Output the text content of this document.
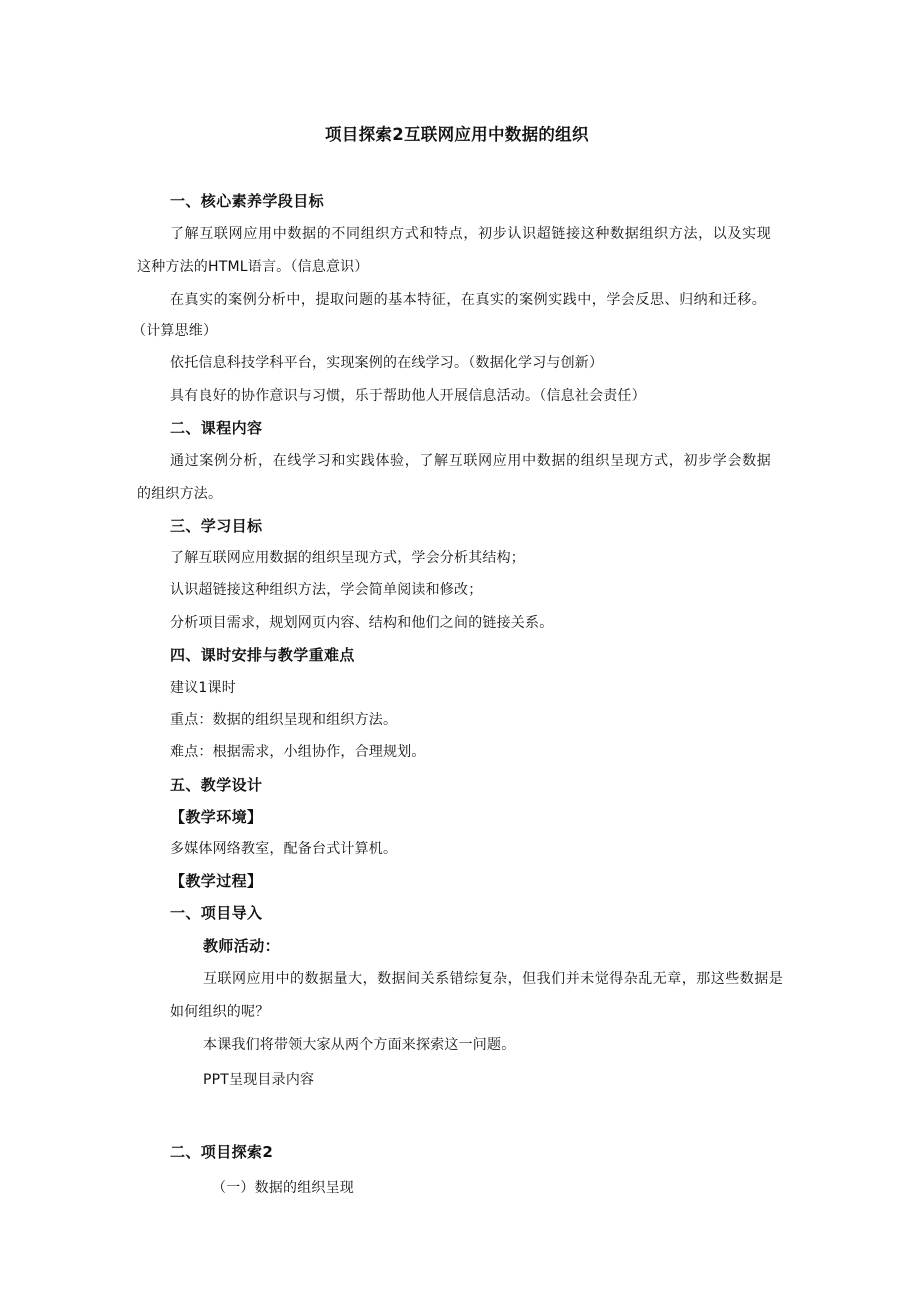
项目探索2互联网应用中数据的组织
一、核心素养学段目标
了解互联网应用中数据的不同组织方式和特点，初步认识超链接这种数据组织方法，以及实现
这种方法的HTML语言。（信息意识）
在真实的案例分析中，提取问题的基本特征，在真实的案例实践中，学会反思、归纳和迁移。
（计算思维）
依托信息科技学科平台，实现案例的在线学习。（数据化学习与创新）
具有良好的协作意识与习惯，乐于帮助他人开展信息活动。（信息社会责任）
二、课程内容
通过案例分析，在线学习和实践体验，了解互联网应用中数据的组织呈现方式，初步学会数据
的组织方法。
三、学习目标
了解互联网应用数据的组织呈现方式，学会分析其结构；
认识超链接这种组织方法，学会简单阅读和修改；
分析项目需求，规划网页内容、结构和他们之间的链接关系。
四、课时安排与教学重难点
建议1课时
重点：数据的组织呈现和组织方法。
难点：根据需求，小组协作，合理规划。
五、教学设计
【教学环境】
多媒体网络教室，配备台式计算机。
【教学过程】
一、项目导入
教师活动：
互联网应用中的数据量大，数据间关系错综复杂，但我们并未觉得杂乱无章，那这些数据是
如何组织的呢？
本课我们将带领大家从两个方面来探索这一问题。
PPT呈现目录内容
二、项目探索2
（一）数据的组织呈现
